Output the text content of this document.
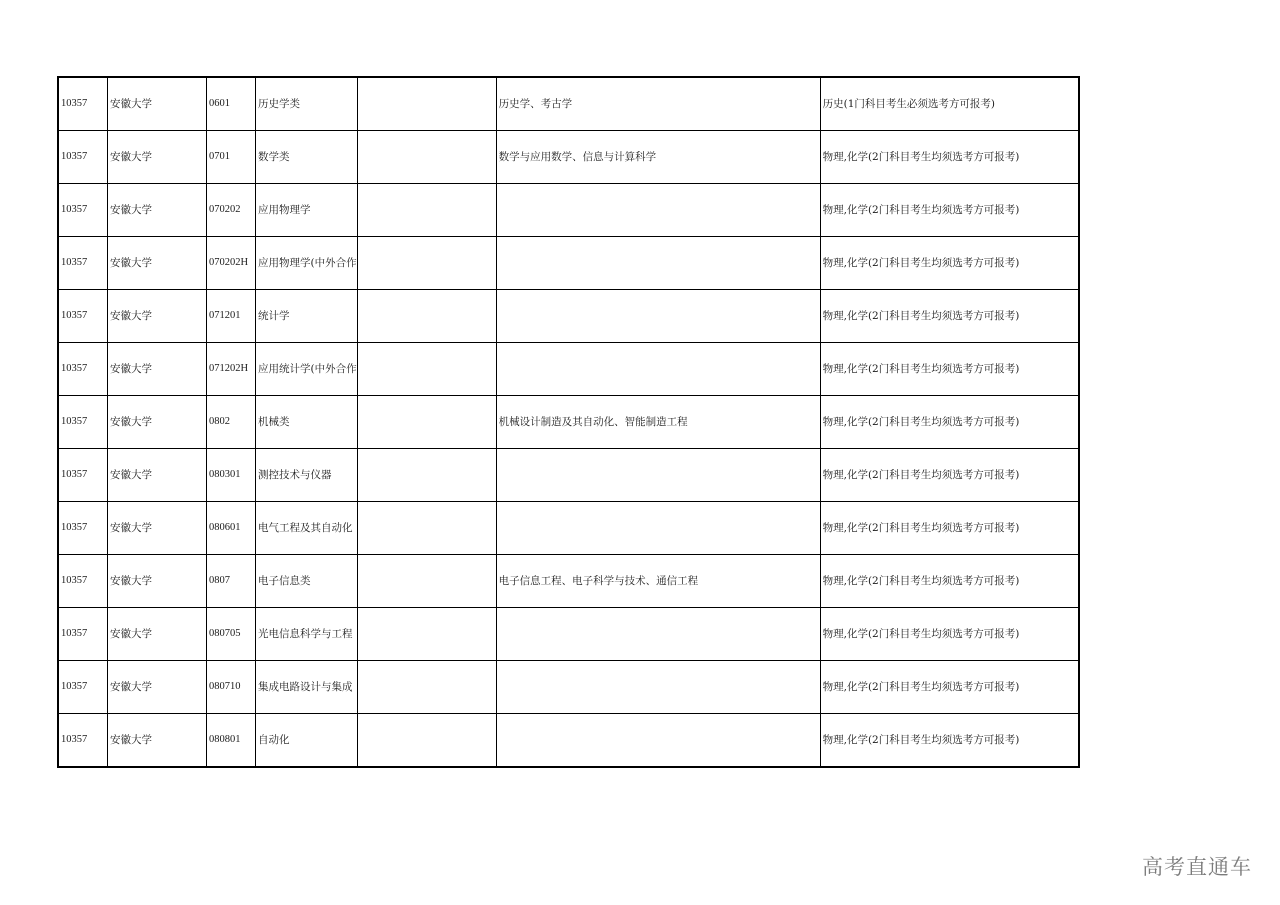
10357	安徽大学	0601	历史学类		历史学、考古学	历史(1门科目考生必须选考方可报考)
10357	安徽大学	0701	数学类		数学与应用数学、信息与计算科学	物理,化学(2门科目考生均须选考方可报考)
10357	安徽大学	070202	应用物理学			物理,化学(2门科目考生均须选考方可报考)
10357	安徽大学	070202H	应用物理学(中外合作			物理,化学(2门科目考生均须选考方可报考)
10357	安徽大学	071201	统计学			物理,化学(2门科目考生均须选考方可报考)
10357	安徽大学	071202H	应用统计学(中外合作			物理,化学(2门科目考生均须选考方可报考)
10357	安徽大学	0802	机械类		机械设计制造及其自动化、智能制造工程	物理,化学(2门科目考生均须选考方可报考)
10357	安徽大学	080301	测控技术与仪器			物理,化学(2门科目考生均须选考方可报考)
10357	安徽大学	080601	电气工程及其自动化			物理,化学(2门科目考生均须选考方可报考)
10357	安徽大学	0807	电子信息类		电子信息工程、电子科学与技术、通信工程	物理,化学(2门科目考生均须选考方可报考)
10357	安徽大学	080705	光电信息科学与工程			物理,化学(2门科目考生均须选考方可报考)
10357	安徽大学	080710	集成电路设计与集成			物理,化学(2门科目考生均须选考方可报考)
10357	安徽大学	080801	自动化			物理,化学(2门科目考生均须选考方可报考)
高考直通车
